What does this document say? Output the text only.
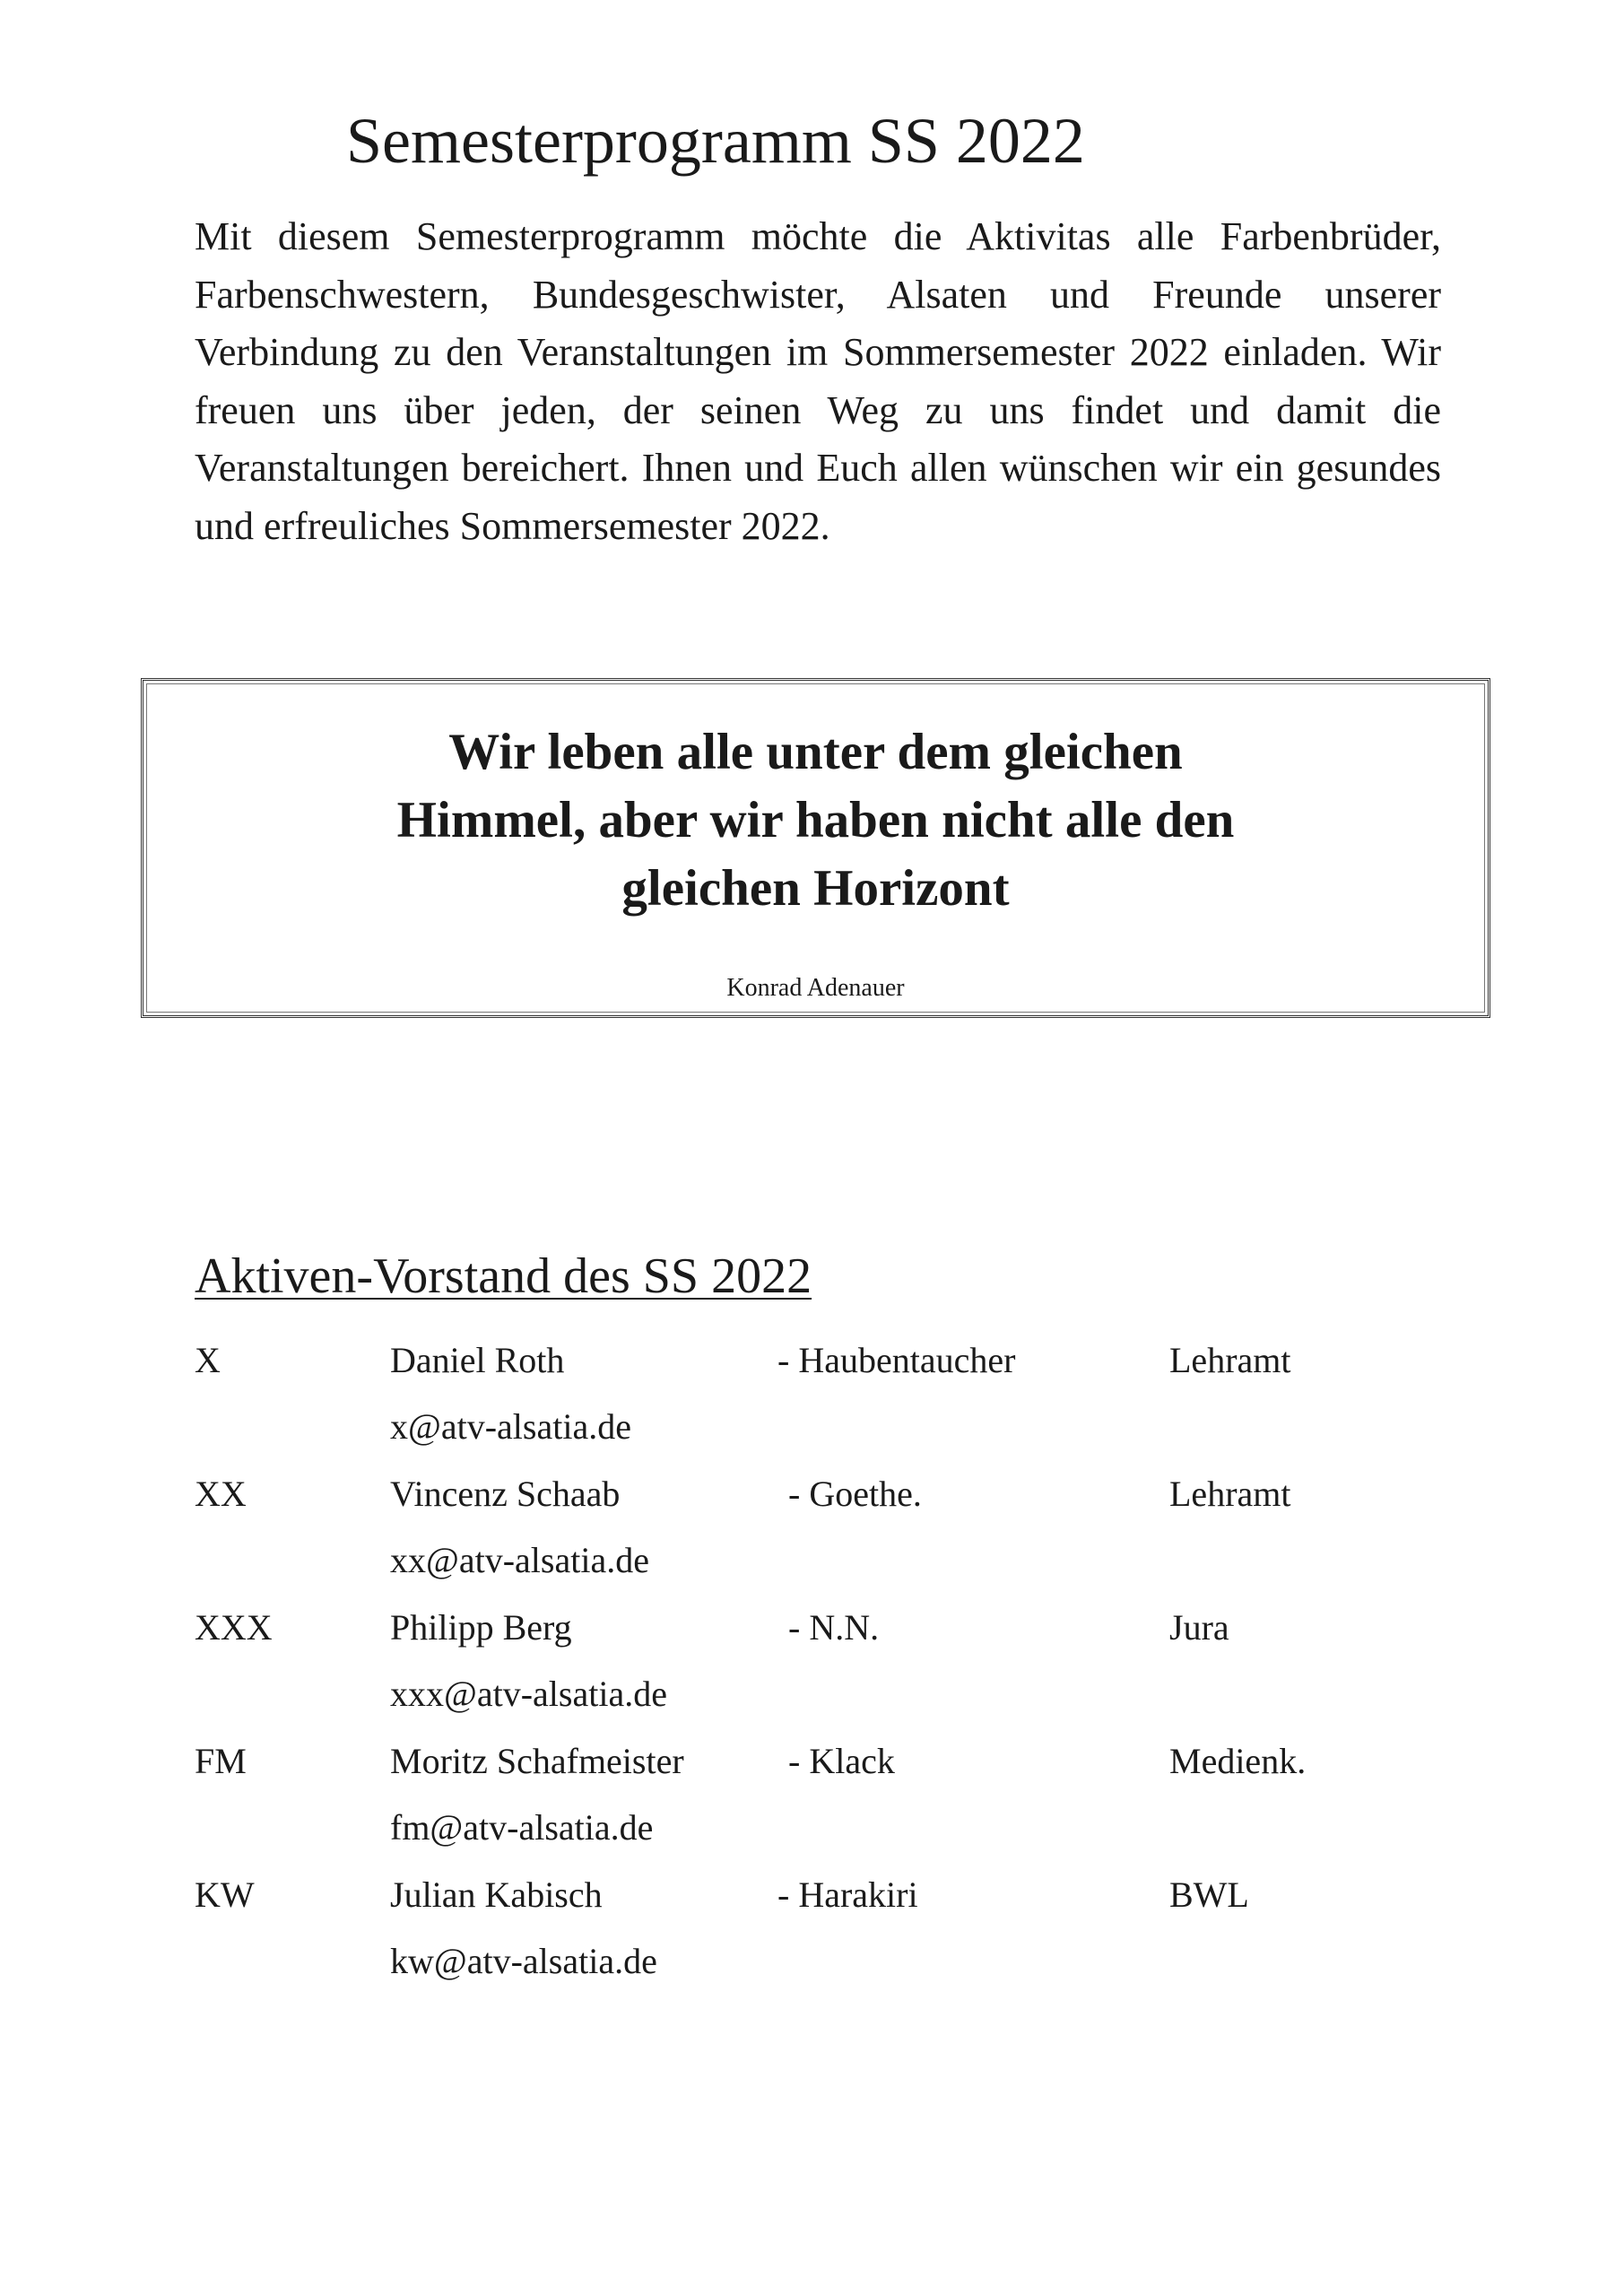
Semesterprogramm SS 2022

Mit diesem Semesterprogramm möchte die Aktivitas alle Farbenbrüder, Farbenschwestern, Bundesgeschwister, Alsaten und Freunde unserer Verbindung zu den Veranstaltungen im Sommersemester 2022 einladen. Wir freuen uns über jeden, der seinen Weg zu uns findet und damit die Veranstaltungen bereichert. Ihnen und Euch allen wünschen wir ein gesundes und erfreuliches Sommersemester 2022.

Wir leben alle unter dem gleichen
Himmel, aber wir haben nicht alle den
gleichen Horizont

Konrad Adenauer

Aktiven-Vorstand des SS 2022
X	Daniel Roth	- Haubentaucher	Lehramt
x@atv-alsatia.de
XX	Vincenz Schaab	- Goethe.	Lehramt
xx@atv-alsatia.de
XXX	Philipp Berg	- N.N.	Jura
xxx@atv-alsatia.de
FM	Moritz Schafmeister	- Klack	Medienk.
fm@atv-alsatia.de
KW	Julian Kabisch	- Harakiri	BWL
kw@atv-alsatia.de
